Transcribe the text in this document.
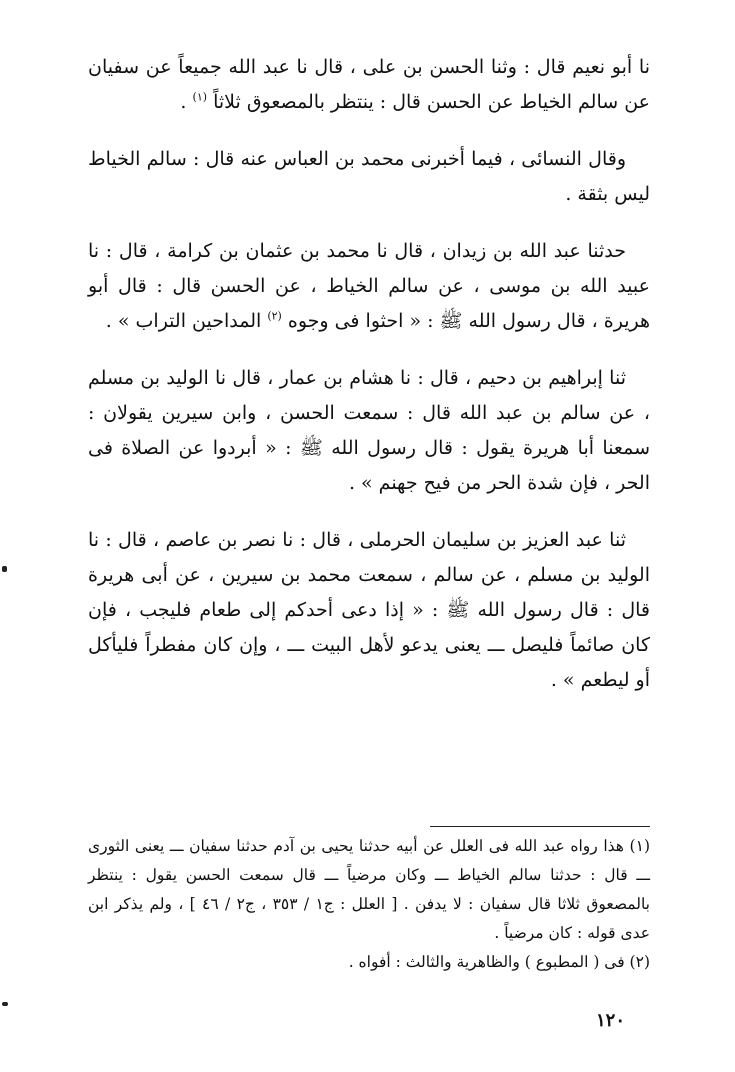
نا أبو نعيم قال : وثنا الحسن بن على ، قال نا عبد الله جميعاً عن سفيان عن سالم الخياط عن الحسن قال : ينتظر بالمصعوق ثلاثاً $^{(١)}$ .

وقال النسائى ، فيما أخبرنى محمد بن العباس عنه قال : سالم الخياط ليس بثقة .

حدثنا عبد الله بن زيدان ، قال نا محمد بن عثمان بن كرامة ، قال : نا عبيد الله بن موسى ، عن سالم الخياط ، عن الحسن قال : قال أبو هريرة ، قال رسول الله ﷺ : « احثوا فى وجوه $^{(٢)}$ المداحين التراب » .

ثنا إبراهيم بن دحيم ، قال : نا هشام بن عمار ، قال نا الوليد بن مسلم ، عن سالم بن عبد الله قال : سمعت الحسن ، وابن سيرين يقولان : سمعنا أبا هريرة يقول : قال رسول الله ﷺ : « أبردوا عن الصلاة فى الحر ، فإن شدة الحر من فيح جهنم » .

ثنا عبد العزيز بن سليمان الحرملى ، قال : نا نصر بن عاصم ، قال : نا الوليد بن مسلم ، عن سالم ، سمعت محمد بن سيرين ، عن أبى هريرة قال : قال رسول الله ﷺ : « إذا دعى أحدكم إلى طعام فليجب ، فإن كان صائماً فليصل ـــ يعنى يدعو لأهل البيت ـــ ، وإن كان مفطراً فليأكل أو ليطعم » .

(١) هذا رواه عبد الله فى العلل عن أبيه حدثنا يحيى بن آدم حدثنا سفيان ـــ يعنى الثورى ـــ قال : حدثنا سالم الخياط ـــ وكان مرضياً ـــ قال سمعت الحسن يقول : ينتظر بالمصعوق ثلاثا قال سفيان : لا يدفن . [ العلل : ج١ / ٣٥٣ ، ج٢ / ٤٦ ] ، ولم يذكر ابن عدى قوله : كان مرضياً .

(٢) فى ( المطبوع ) والظاهرية والثالث : أفواه .

١٢٠
